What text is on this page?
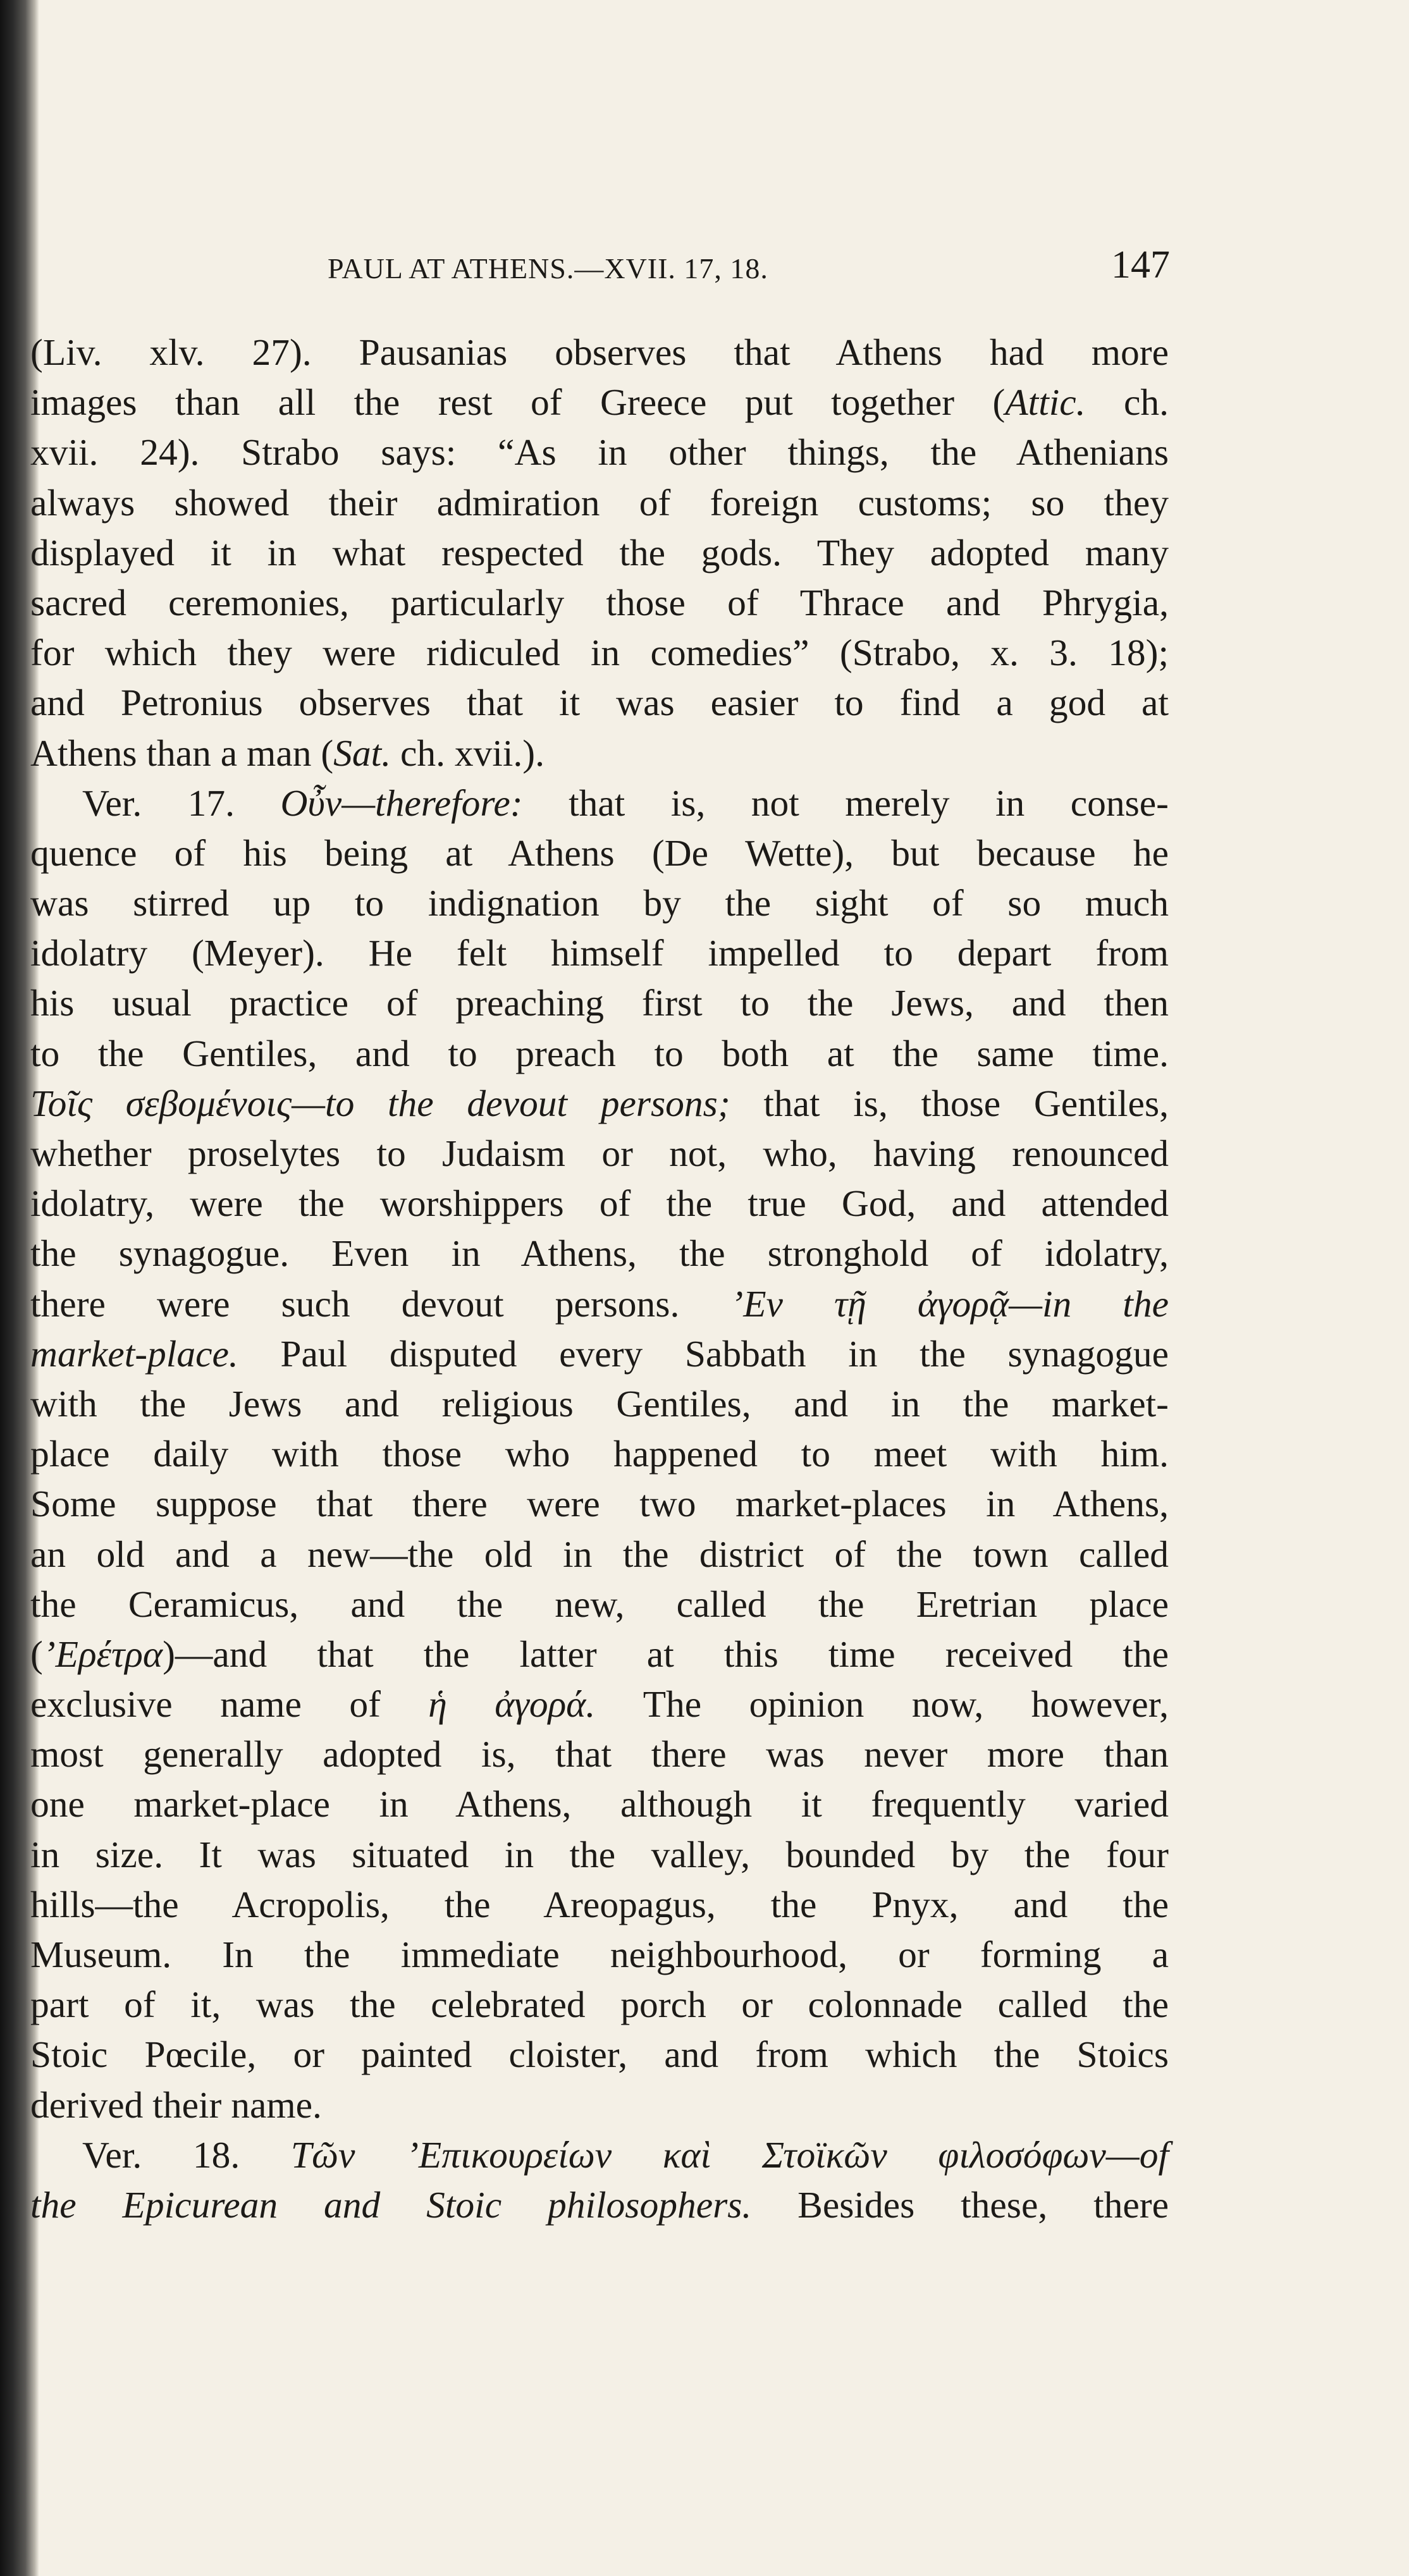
PAUL AT ATHENS.—XVII. 17, 18.	147
(Liv. xlv. 27). Pausanias observes that Athens had more
images than all the rest of Greece put together (Attic. ch.
xvii. 24). Strabo says: “As in other things, the Athenians
always showed their admiration of foreign customs; so they
displayed it in what respected the gods. They adopted many
sacred ceremonies, particularly those of Thrace and Phrygia,
for which they were ridiculed in comedies” (Strabo, x. 3. 18);
and Petronius observes that it was easier to find a god at
Athens than a man (Sat. ch. xvii.).
Ver. 17. Οὖν—therefore: that is, not merely in conse-
quence of his being at Athens (De Wette), but because he
was stirred up to indignation by the sight of so much
idolatry (Meyer). He felt himself impelled to depart from
his usual practice of preaching first to the Jews, and then
to the Gentiles, and to preach to both at the same time.
Τοῖς σεβομένοις—to the devout persons; that is, those Gentiles,
whether proselytes to Judaism or not, who, having renounced
idolatry, were the worshippers of the true God, and attended
the synagogue. Even in Athens, the stronghold of idolatry,
there were such devout persons. ’Εν τῇ ἀγορᾷ—in the
market-place. Paul disputed every Sabbath in the synagogue
with the Jews and religious Gentiles, and in the market-
place daily with those who happened to meet with him.
Some suppose that there were two market-places in Athens,
an old and a new—the old in the district of the town called
the Ceramicus, and the new, called the Eretrian place
(’Ερέτρα)—and that the latter at this time received the
exclusive name of ἡ ἀγορά. The opinion now, however,
most generally adopted is, that there was never more than
one market-place in Athens, although it frequently varied
in size. It was situated in the valley, bounded by the four
hills—the Acropolis, the Areopagus, the Pnyx, and the
Museum. In the immediate neighbourhood, or forming a
part of it, was the celebrated porch or colonnade called the
Stoic Pœcile, or painted cloister, and from which the Stoics
derived their name.
Ver. 18. Τῶν ’Επικουρείων καὶ Στοϊκῶν φιλοσόφων—of
the Epicurean and Stoic philosophers. Besides these, there
